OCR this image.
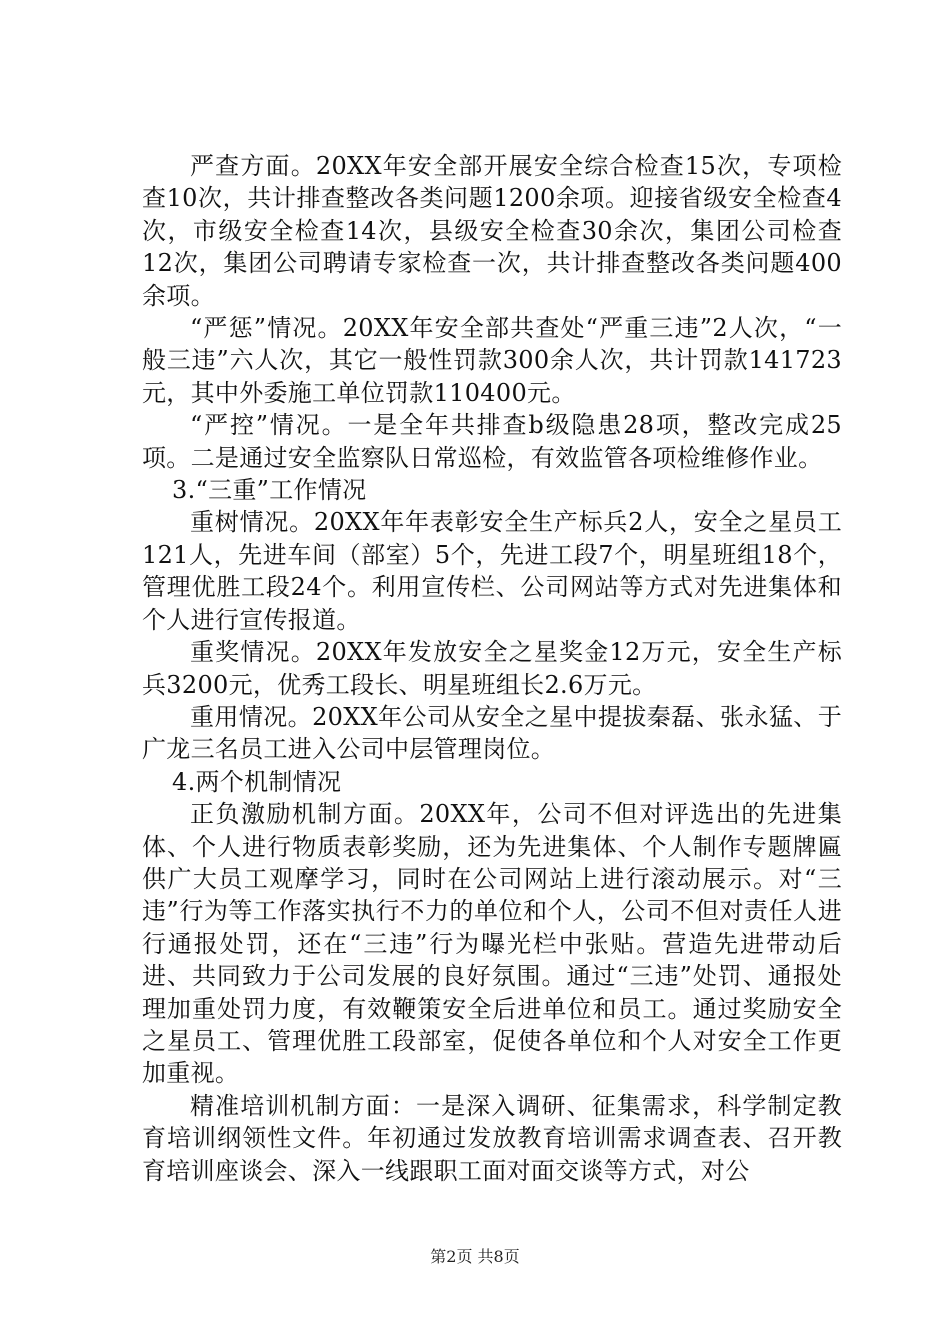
严查方面。20XX年安全部开展安全综合检查15次，专项检查10次，共计排查整改各类问题1200余项。迎接省级安全检查4次，市级安全检查14次，县级安全检查30余次，集团公司检查12次，集团公司聘请专家检查一次，共计排查整改各类问题400余项。

“严惩”情况。20XX年安全部共查处“严重三违”2人次，“一般三违”六人次，其它一般性罚款300余人次，共计罚款141723元，其中外委施工单位罚款110400元。

“严控”情况。一是全年共排查b级隐患28项，整改完成25项。二是通过安全监察队日常巡检，有效监管各项检维修作业。

3.“三重”工作情况

重树情况。20XX年年表彰安全生产标兵2人，安全之星员工121人，先进车间（部室）5个，先进工段7个，明星班组18个，管理优胜工段24个。利用宣传栏、公司网站等方式对先进集体和个人进行宣传报道。

重奖情况。20XX年发放安全之星奖金12万元，安全生产标兵3200元，优秀工段长、明星班组长2.6万元。

重用情况。20XX年公司从安全之星中提拔秦磊、张永猛、于广龙三名员工进入公司中层管理岗位。

4.两个机制情况

正负激励机制方面。20XX年，公司不但对评选出的先进集体、个人进行物质表彰奖励，还为先进集体、个人制作专题牌匾供广大员工观摩学习，同时在公司网站上进行滚动展示。对“三违”行为等工作落实执行不力的单位和个人，公司不但对责任人进行通报处罚，还在“三违”行为曝光栏中张贴。营造先进带动后进、共同致力于公司发展的良好氛围。通过“三违”处罚、通报处理加重处罚力度，有效鞭策安全后进单位和员工。通过奖励安全之星员工、管理优胜工段部室，促使各单位和个人对安全工作更加重视。

精准培训机制方面：一是深入调研、征集需求，科学制定教育培训纲领性文件。年初通过发放教育培训需求调查表、召开教育培训座谈会、深入一线跟职工面对面交谈等方式，对公

第2页 共8页
